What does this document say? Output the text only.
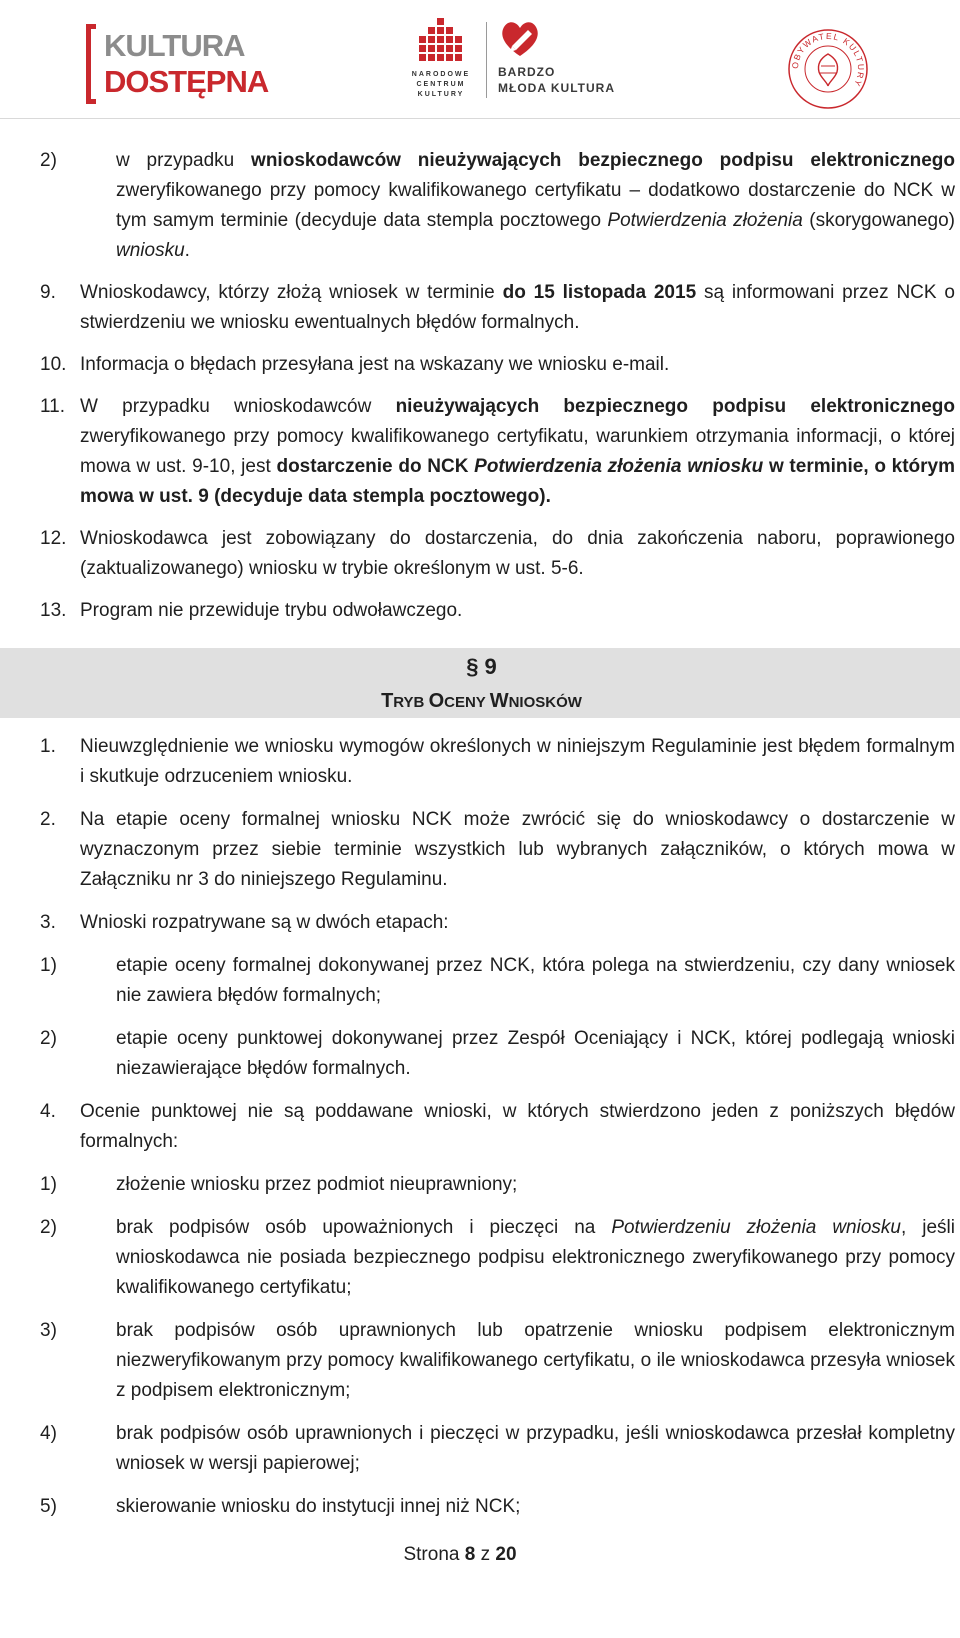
KULTURA
DOSTĘPNA	NARODOWE
CENTRUM
KULTURY
BARDZO
MŁODA KULTURA
OBYWATEL KULTURY
2)	w przypadku wnioskodawców nieużywających bezpiecznego podpisu elektronicznego zweryfikowanego przy pomocy kwalifikowanego certyfikatu – dodatkowo dostarczenie do NCK w tym samym terminie (decyduje data stempla pocztowego Potwierdzenia złożenia (skorygowanego) wniosku.
9. Wnioskodawcy, którzy złożą wniosek w terminie do 15 listopada 2015 są informowani przez NCK o stwierdzeniu we wniosku ewentualnych błędów formalnych.
10. Informacja o błędach przesyłana jest na wskazany we wniosku e-mail.
11. W przypadku wnioskodawców nieużywających bezpiecznego podpisu elektronicznego zweryfikowanego przy pomocy kwalifikowanego certyfikatu, warunkiem otrzymania informacji, o której mowa w ust. 9-10, jest dostarczenie do NCK Potwierdzenia złożenia wniosku w terminie, o którym mowa w ust. 9 (decyduje data stempla pocztowego).
12. Wnioskodawca jest zobowiązany do dostarczenia, do dnia zakończenia naboru, poprawionego (zaktualizowanego) wniosku w trybie określonym w ust. 5-6.
13. Program nie przewiduje trybu odwoławczego.
§ 9
TRYB OCENY WNIOSKÓW
1. Nieuwzględnienie we wniosku wymogów określonych w niniejszym Regulaminie jest błędem formalnym i skutkuje odrzuceniem wniosku.
2. Na etapie oceny formalnej wniosku NCK może zwrócić się do wnioskodawcy o dostarczenie w wyznaczonym przez siebie terminie wszystkich lub wybranych załączników, o których mowa w Załączniku nr 3 do niniejszego Regulaminu.
3. Wnioski rozpatrywane są w dwóch etapach:
1)	etapie oceny formalnej dokonywanej przez NCK, która polega na stwierdzeniu, czy dany wniosek nie zawiera błędów formalnych;
2)	etapie oceny punktowej dokonywanej przez Zespół Oceniający i NCK, której podlegają wnioski niezawierające błędów formalnych.
4. Ocenie punktowej nie są poddawane wnioski, w których stwierdzono jeden z poniższych błędów formalnych:
1)	złożenie wniosku przez podmiot nieuprawniony;
2)	brak podpisów osób upoważnionych i pieczęci na Potwierdzeniu złożenia wniosku, jeśli wnioskodawca nie posiada bezpiecznego podpisu elektronicznego zweryfikowanego przy pomocy kwalifikowanego certyfikatu;
3)	brak podpisów osób uprawnionych lub opatrzenie wniosku podpisem elektronicznym niezweryfikowanym przy pomocy kwalifikowanego certyfikatu, o ile wnioskodawca przesyła wniosek z podpisem elektronicznym;
4)	brak podpisów osób uprawnionych i pieczęci w przypadku, jeśli wnioskodawca przesłał kompletny wniosek w wersji papierowej;
5)	skierowanie wniosku do instytucji innej niż NCK;
Strona 8 z 20
